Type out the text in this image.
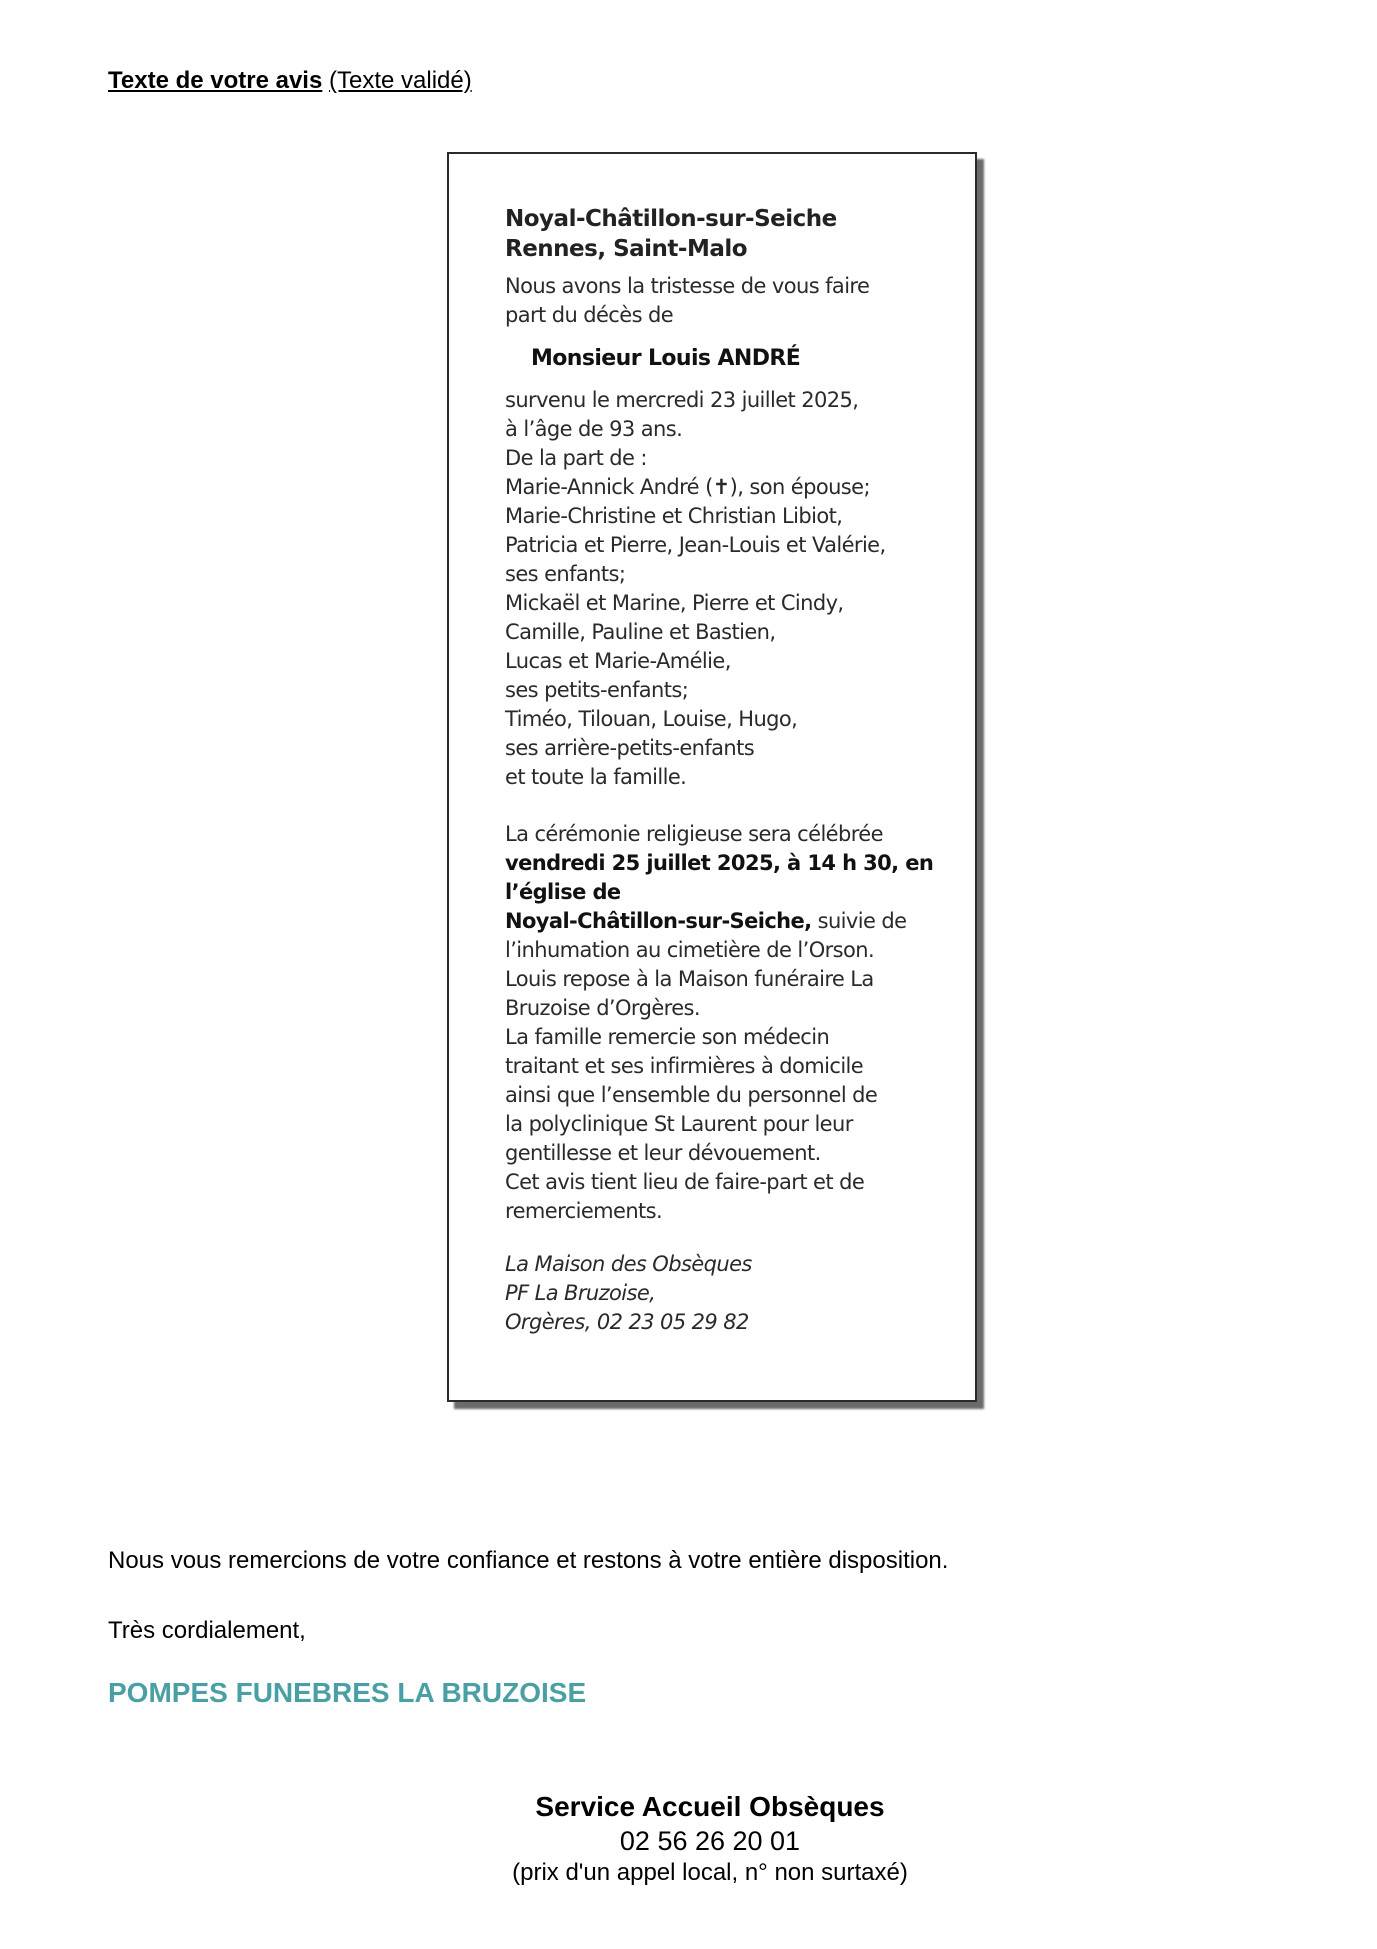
Texte de votre avis (Texte validé)
Noyal-Châtillon-sur-Seiche
Rennes, Saint-Malo
Nous avons la tristesse de vous faire
part du décès de
Monsieur Louis ANDRÉ
survenu le mercredi 23 juillet 2025,
à l’âge de 93 ans.
De la part de :
Marie-Annick André (✝), son épouse;
Marie-Christine et Christian Libiot,
Patricia et Pierre, Jean-Louis et Valérie,
ses enfants;
Mickaël et Marine, Pierre et Cindy,
Camille, Pauline et Bastien,
Lucas et Marie-Amélie,
ses petits-enfants;
Timéo, Tilouan, Louise, Hugo,
ses arrière-petits-enfants
et toute la famille.
La cérémonie religieuse sera célébrée
vendredi 25 juillet 2025, à 14 h 30, en
l’église de
Noyal-Châtillon-sur-Seiche, suivie de
l’inhumation au cimetière de l’Orson.
Louis repose à la Maison funéraire La
Bruzoise d’Orgères.
La famille remercie son médecin
traitant et ses infirmières à domicile
ainsi que l’ensemble du personnel de
la polyclinique St Laurent pour leur
gentillesse et leur dévouement.
Cet avis tient lieu de faire-part et de
remerciements.
La Maison des Obsèques
PF La Bruzoise,
Orgères, 02 23 05 29 82
Nous vous remercions de votre confiance et restons à votre entière disposition.
Très cordialement,
POMPES FUNEBRES LA BRUZOISE
Service Accueil Obsèques
02 56 26 20 01
(prix d'un appel local, n° non surtaxé)
